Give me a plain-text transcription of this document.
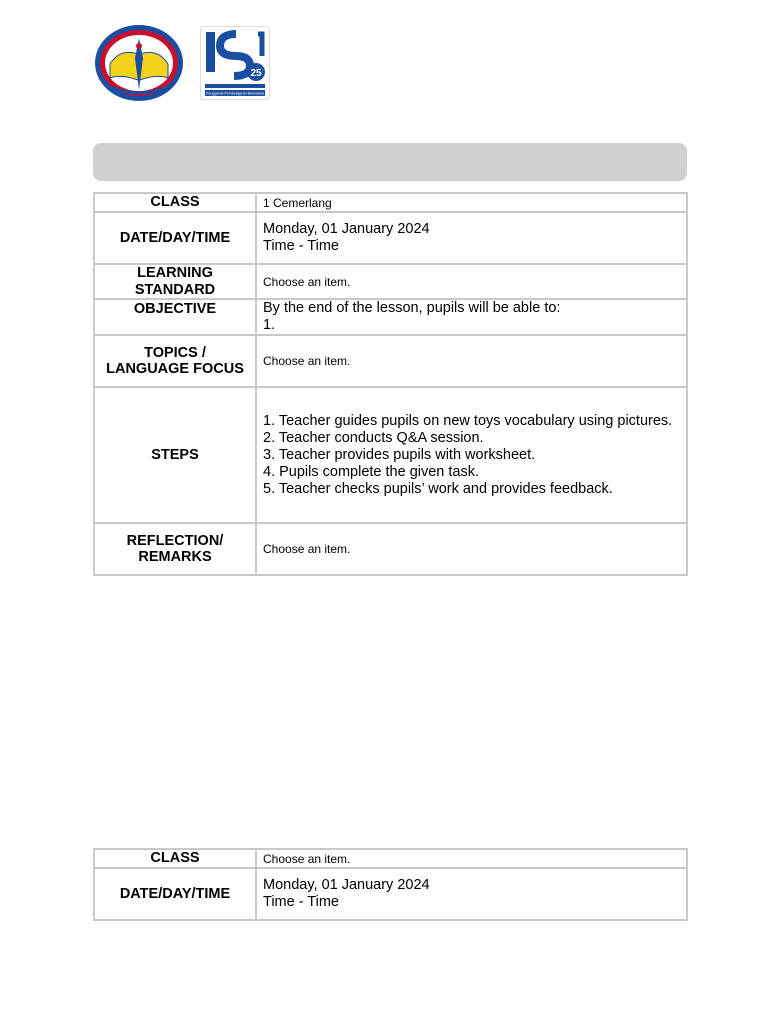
25
Penggerak Pembelajaran Bermakna
CLASS	1 Cemerlang
DATE/DAY/TIME	Monday, 01 January 2024
Time - Time

LEARNING
STANDARD	Choose an item.
OBJECTIVE	By the end of the lesson, pupils will be able to:
1.

TOPICS /
LANGUAGE FOCUS	Choose an item.
STEPS	1. Teacher guides pupils on new toys vocabulary using pictures.
2. Teacher conducts Q&A session.
3. Teacher provides pupils with worksheet.
4. Pupils complete the given task.
5. Teacher checks pupils’ work and provides feedback.

REFLECTION/
REMARKS	Choose an item.
CLASS	Choose an item.
DATE/DAY/TIME	Monday, 01 January 2024
Time - Time
